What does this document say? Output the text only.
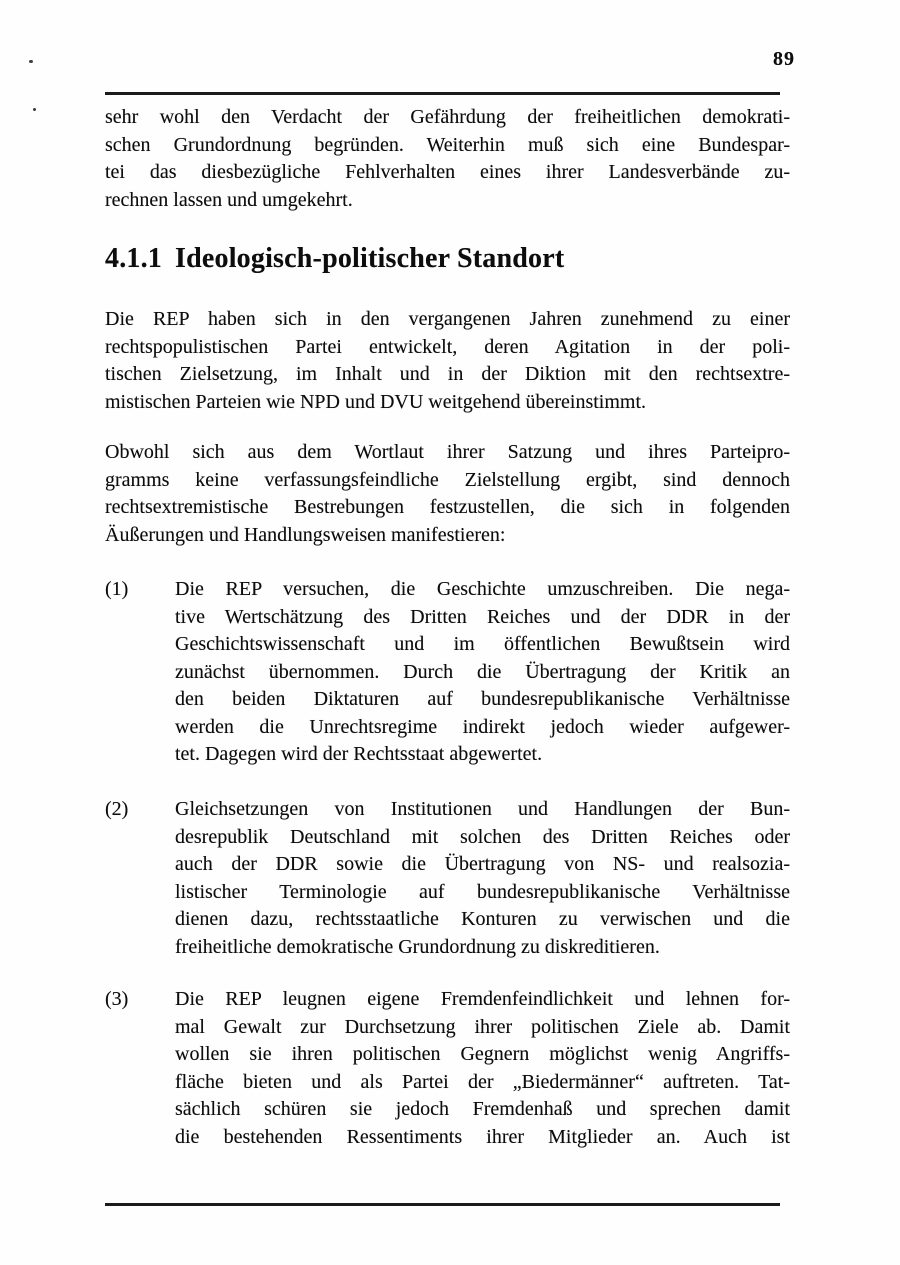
89
sehr wohl den Verdacht der Gefährdung der freiheitlichen demokrati-
schen Grundordnung begründen. Weiterhin muß sich eine Bundespar-
tei das diesbezügliche Fehlverhalten eines ihrer Landesverbände zu-
rechnen lassen und umgekehrt.
4.1.1 Ideologisch-politischer Standort
Die REP haben sich in den vergangenen Jahren zunehmend zu einer
rechtspopulistischen Partei entwickelt, deren Agitation in der poli-
tischen Zielsetzung, im Inhalt und in der Diktion mit den rechtsextre-
mistischen Parteien wie NPD und DVU weitgehend übereinstimmt.
Obwohl sich aus dem Wortlaut ihrer Satzung und ihres Parteipro-
gramms keine verfassungsfeindliche Zielstellung ergibt, sind dennoch
rechtsextremistische Bestrebungen festzustellen, die sich in folgenden
Äußerungen und Handlungsweisen manifestieren:
(1)	Die REP versuchen, die Geschichte umzuschreiben. Die nega-
tive Wertschätzung des Dritten Reiches und der DDR in der
Geschichtswissenschaft und im öffentlichen Bewußtsein wird
zunächst übernommen. Durch die Übertragung der Kritik an
den beiden Diktaturen auf bundesrepublikanische Verhältnisse
werden die Unrechtsregime indirekt jedoch wieder aufgewer-
tet. Dagegen wird der Rechtsstaat abgewertet.
(2)	Gleichsetzungen von Institutionen und Handlungen der Bun-
desrepublik Deutschland mit solchen des Dritten Reiches oder
auch der DDR sowie die Übertragung von NS- und realsozia-
listischer Terminologie auf bundesrepublikanische Verhältnisse
dienen dazu, rechtsstaatliche Konturen zu verwischen und die
freiheitliche demokratische Grundordnung zu diskreditieren.
(3)	Die REP leugnen eigene Fremdenfeindlichkeit und lehnen for-
mal Gewalt zur Durchsetzung ihrer politischen Ziele ab. Damit
wollen sie ihren politischen Gegnern möglichst wenig Angriffs-
fläche bieten und als Partei der „Biedermänner“ auftreten. Tat-
sächlich schüren sie jedoch Fremdenhaß und sprechen damit
die bestehenden Ressentiments ihrer Mitglieder an. Auch ist
